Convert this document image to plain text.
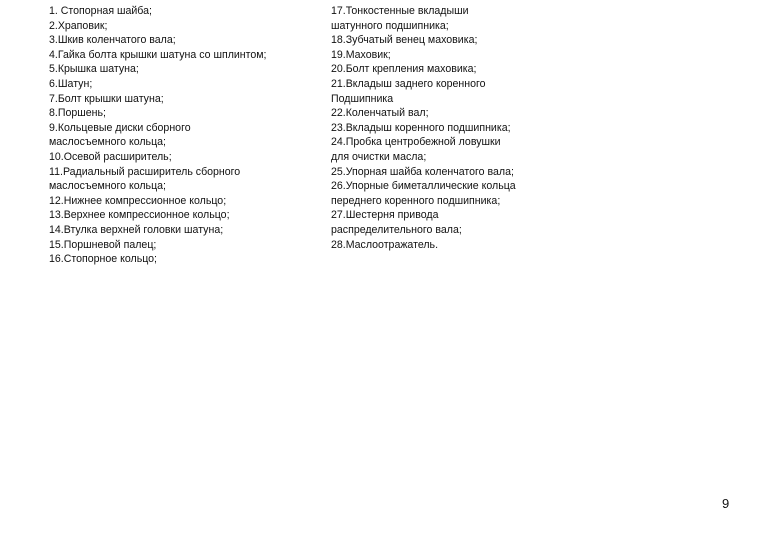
1. Стопорная шайба;
2.Храповик;
3.Шкив коленчатого вала;
4.Гайка болта крышки шатуна со шплинтом;
5.Крышка шатуна;
6.Шатун;
7.Болт крышки шатуна;
8.Поршень;
9.Кольцевые диски сборного
маслосъемного кольца;
10.Осевой расширитель;
11.Радиальный расширитель сборного
маслосъемного кольца;
12.Нижнее компрессионное кольцо;
13.Верхнее компрессионное кольцо;
14.Втулка верхней головки шатуна;
15.Поршневой палец;
16.Стопорное кольцо;
17.Тонкостенные вкладыши
шатунного подшипника;
18.Зубчатый венец маховика;
19.Маховик;
20.Болт крепления маховика;
21.Вкладыш заднего коренного
Подшипника
22.Коленчатый вал;
23.Вкладыш коренного подшипника;
24.Пробка центробежной ловушки
для очистки масла;
25.Упорная шайба коленчатого вала;
26.Упорные биметаллические кольца
переднего коренного подшипника;
27.Шестерня привода
распределительного вала;
28.Маслоотражатель.
9
